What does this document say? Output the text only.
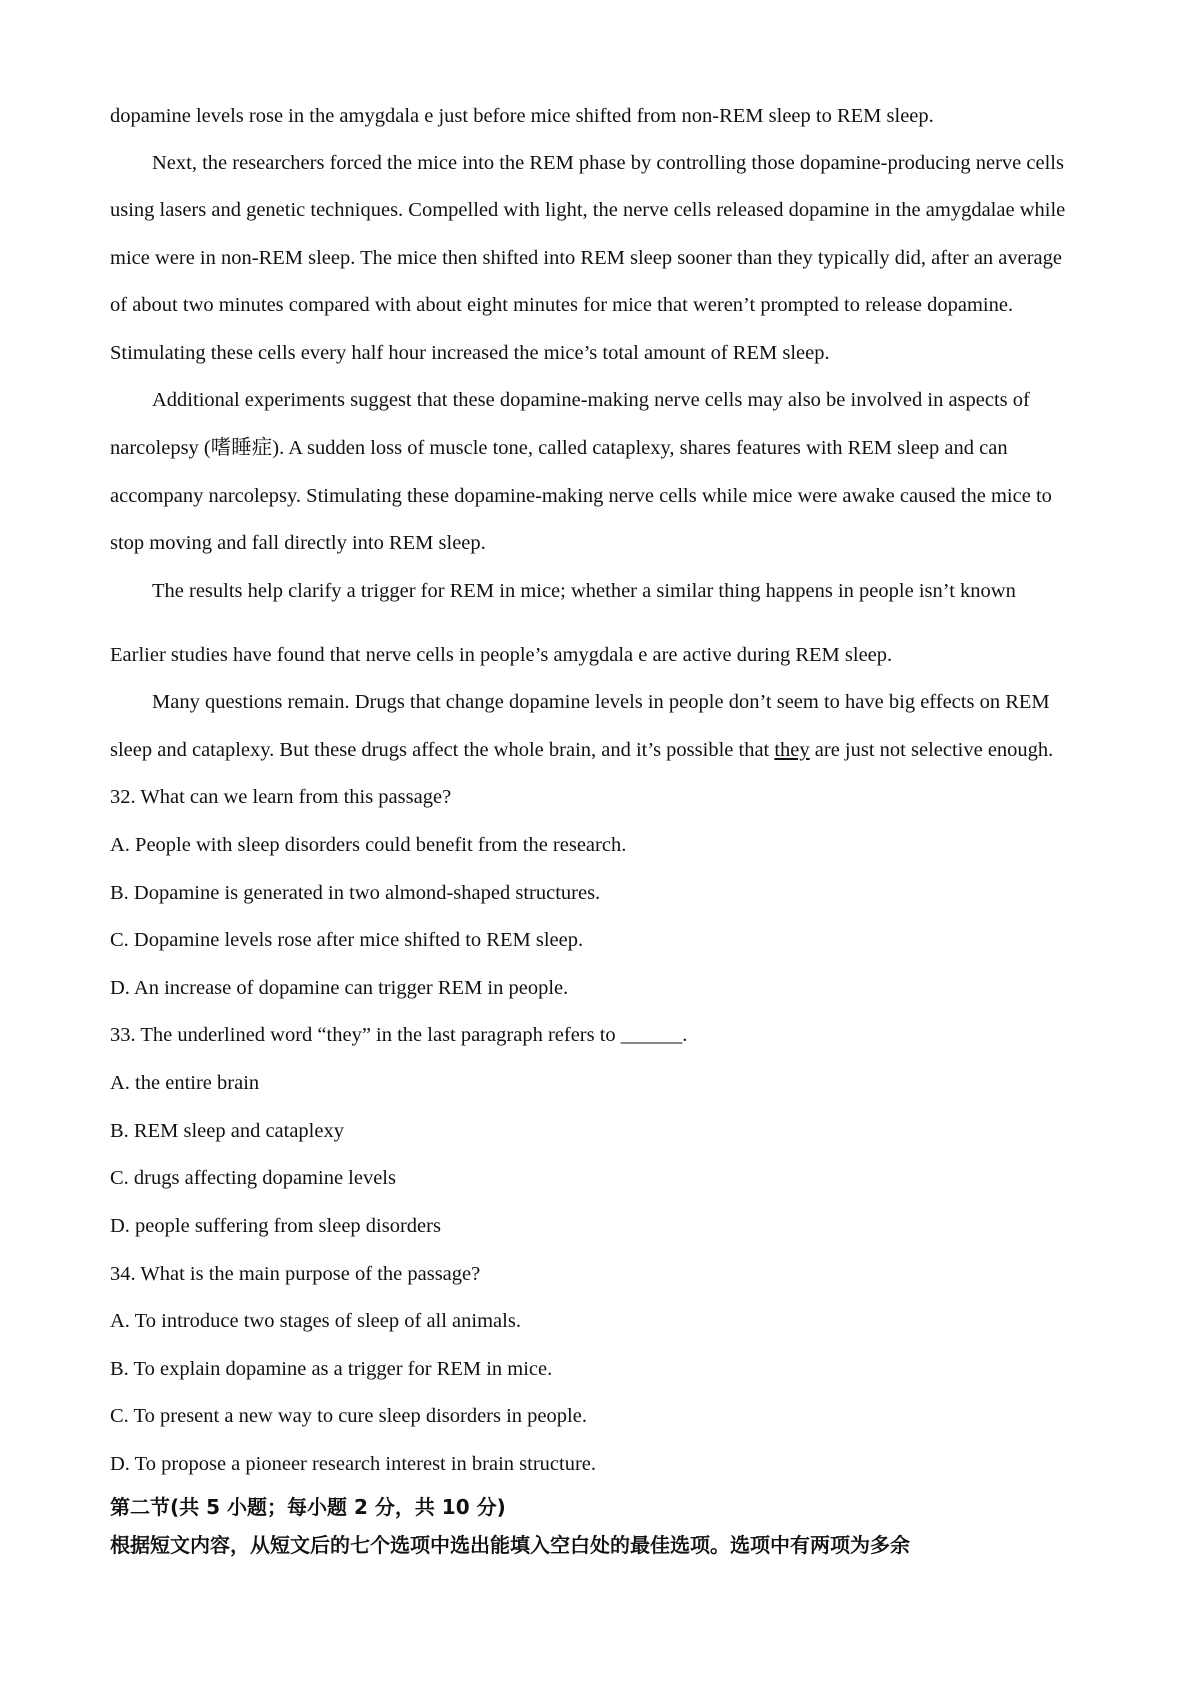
dopamine levels rose in the amygdala e just before mice shifted from non-REM sleep to REM sleep.
Next, the researchers forced the mice into the REM phase by controlling those dopamine-producing nerve cells
using lasers and genetic techniques. Compelled with light, the nerve cells released dopamine in the amygdalae while
mice were in non-REM sleep. The mice then shifted into REM sleep sooner than they typically did, after an average
of about two minutes compared with about eight minutes for mice that weren’t prompted to release dopamine.
Stimulating these cells every half hour increased the mice’s total amount of REM sleep.
Additional experiments suggest that these dopamine-making nerve cells may also be involved in aspects of
narcolepsy (嗜睡症). A sudden loss of muscle tone, called cataplexy, shares features with REM sleep and can
accompany narcolepsy. Stimulating these dopamine-making nerve cells while mice were awake caused the mice to
stop moving and fall directly into REM sleep.
The results help clarify a trigger for REM in mice; whether a similar thing happens in people isn’t known
Earlier studies have found that nerve cells in people’s amygdala e are active during REM sleep.
Many questions remain. Drugs that change dopamine levels in people don’t seem to have big effects on REM
sleep and cataplexy. But these drugs affect the whole brain, and it’s possible that they are just not selective enough.
32. What can we learn from this passage?
A. People with sleep disorders could benefit from the research.
B. Dopamine is generated in two almond-shaped structures.
C. Dopamine levels rose after mice shifted to REM sleep.
D. An increase of dopamine can trigger REM in people.
33. The underlined word “they” in the last paragraph refers to ______.
A. the entire brain
B. REM sleep and cataplexy
C. drugs affecting dopamine levels
D. people suffering from sleep disorders
34. What is the main purpose of the passage?
A. To introduce two stages of sleep of all animals.
B. To explain dopamine as a trigger for REM in mice.
C. To present a new way to cure sleep disorders in people.
D. To propose a pioneer research interest in brain structure.
第二节(共 5 小题；每小题 2 分，共 10 分)
根据短文内容，从短文后的七个选项中选出能填入空白处的最佳选项。选项中有两项为多余
